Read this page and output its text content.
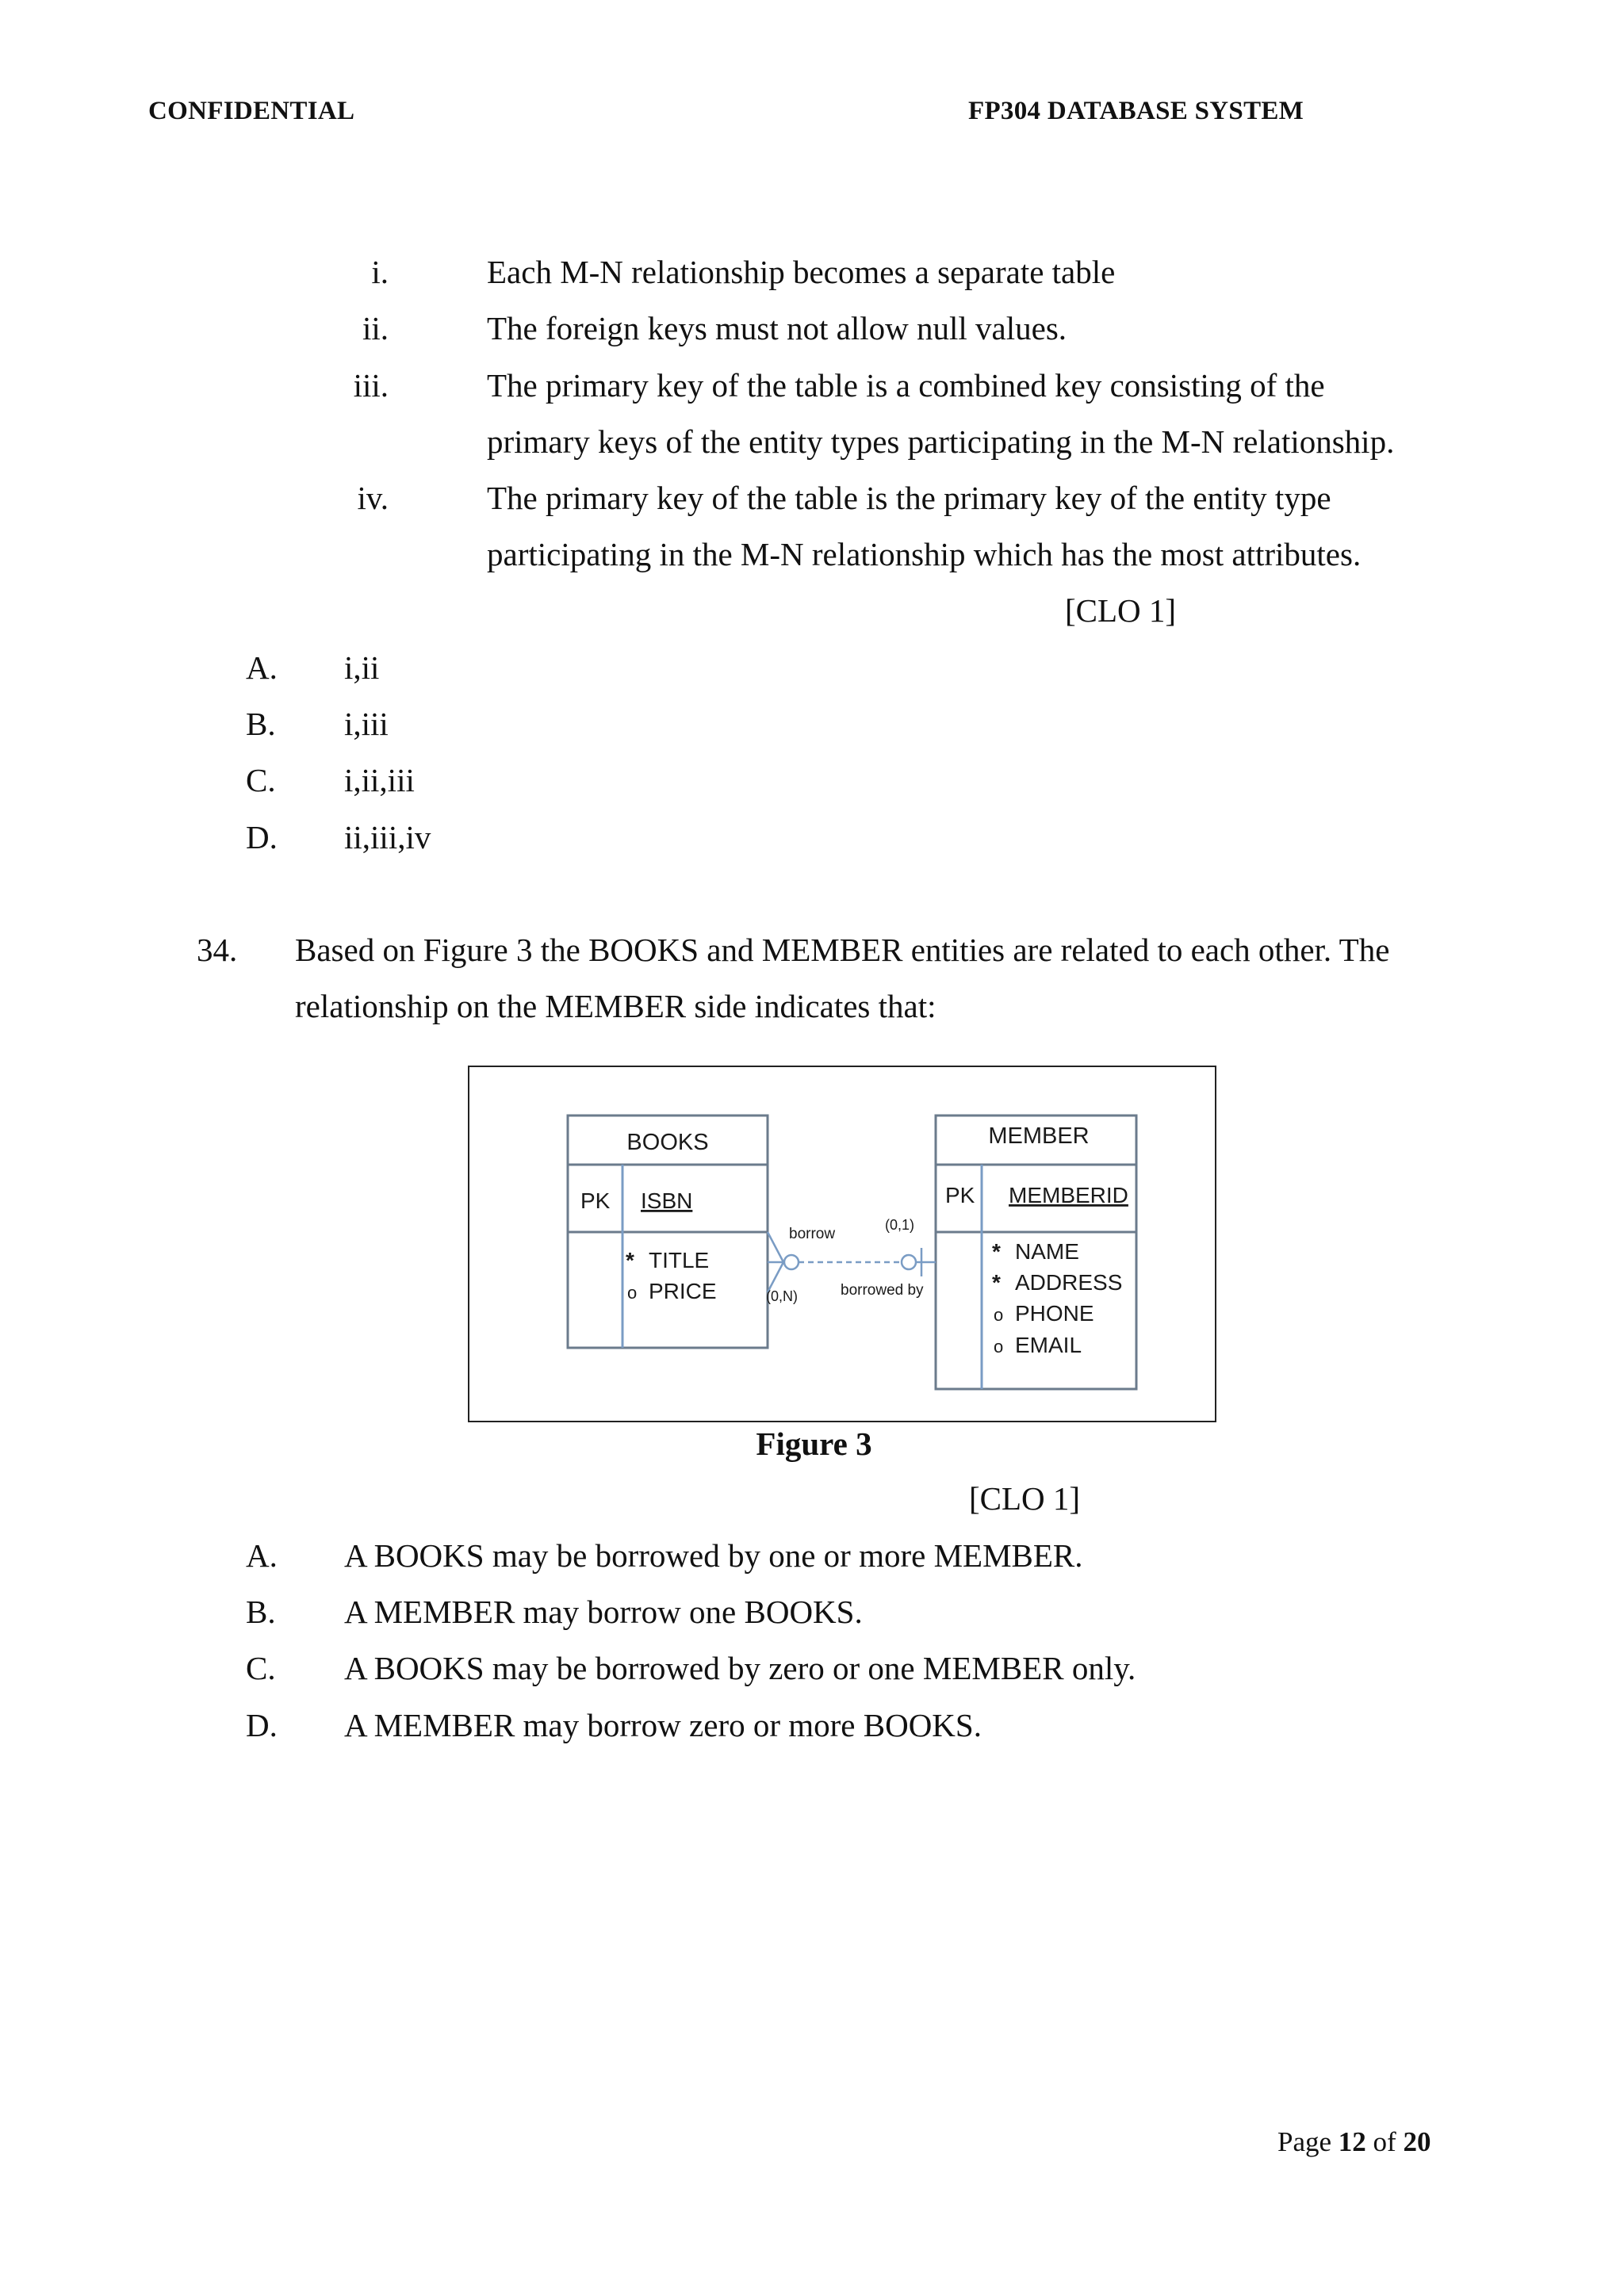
CONFIDENTIAL	FP304 DATABASE SYSTEM
i.	Each M-N relationship becomes a separate table
ii.	The foreign keys must not allow null values.
iii.	The primary key of the table is a combined key consisting of the
primary keys of the entity types participating in the M-N relationship.
iv.	The primary key of the table is the primary key of the entity type
participating in the M-N relationship which has the most attributes.
[CLO 1]
A. i,ii
B. i,iii
C. i,ii,iii
D. ii,iii,iv
34. Based on Figure 3 the BOOKS and MEMBER entities are related to each other. The
relationship on the MEMBER side indicates that:
BOOKS
PK ISBN
* TITLE
o PRICE
MEMBER
PK MEMBERID
* NAME
* ADDRESS
o PHONE
o EMAIL
borrow
(0,1)
borrowed by
(0,N)
Figure 3
[CLO 1]
A. A BOOKS may be borrowed by one or more MEMBER.
B. A MEMBER may borrow one BOOKS.
C. A BOOKS may be borrowed by zero or one MEMBER only.
D. A MEMBER may borrow zero or more BOOKS.
Page 12 of 20
